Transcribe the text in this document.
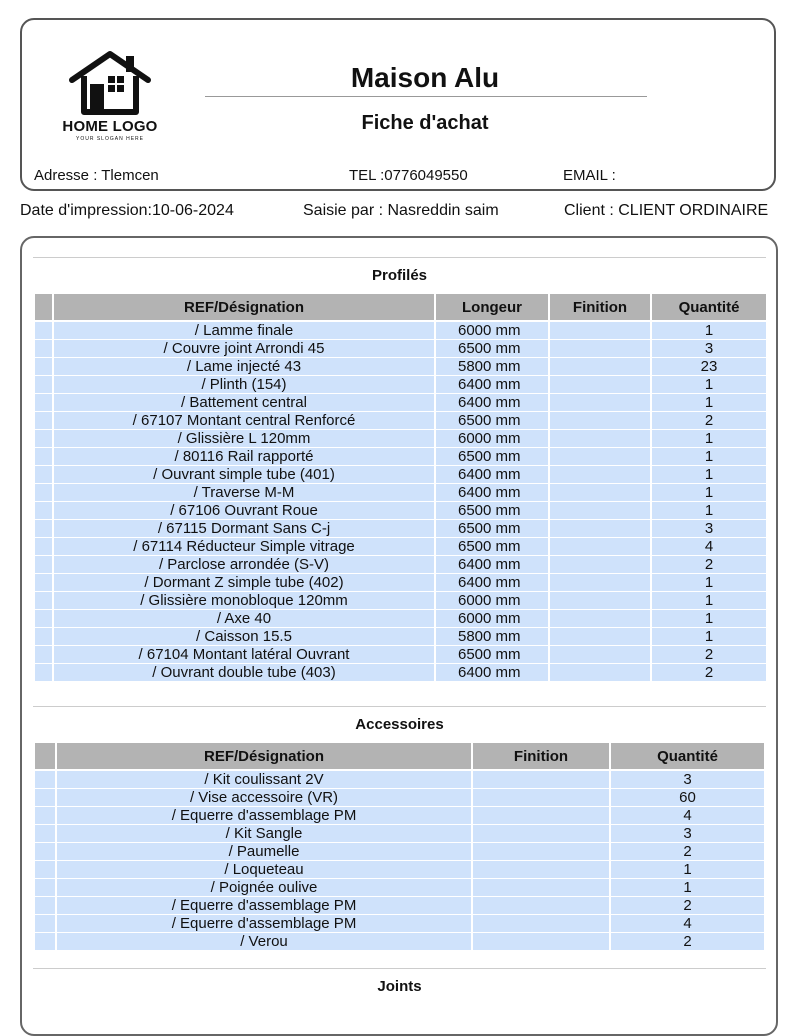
HOME LOGO
YOUR SLOGAN HERE
Maison Alu
Fiche d'achat
Adresse : Tlemcen	TEL :0776049550	EMAIL :
Date d'impression:10-06-2024	Saisie par : Nasreddin saim	Client : CLIENT ORDINAIRE
Profilés
	REF/Désignation	Longeur	Finition	Quantité
	/ Lamme finale	6000 mm		1
	/ Couvre joint Arrondi 45	6500 mm		3
	/ Lame injecté 43	5800 mm		23
	/ Plinth (154)	6400 mm		1
	/ Battement central	6400 mm		1
	/ 67107 Montant central Renforcé	6500 mm		2
	/ Glissière L 120mm	6000 mm		1
	/ 80116 Rail rapporté	6500 mm		1
	/ Ouvrant simple tube (401)	6400 mm		1
	/ Traverse M-M	6400 mm		1
	/ 67106 Ouvrant Roue	6500 mm		1
	/ 67115 Dormant Sans C-j	6500 mm		3
	/ 67114 Réducteur Simple vitrage	6500 mm		4
	/ Parclose arrondée (S-V)	6400 mm		2
	/ Dormant Z simple tube (402)	6400 mm		1
	/ Glissière monobloque 120mm	6000 mm		1
	/ Axe 40	6000 mm		1
	/ Caisson 15.5	5800 mm		1
	/ 67104 Montant latéral Ouvrant	6500 mm		2
	/ Ouvrant double tube (403)	6400 mm		2
Accessoires
	REF/Désignation	Finition	Quantité
	/ Kit coulissant 2V		3
	/ Vise accessoire (VR)		60
	/ Equerre d'assemblage PM		4
	/ Kit Sangle		3
	/ Paumelle		2
	/ Loqueteau		1
	/ Poignée oulive		1
	/ Equerre d'assemblage PM		2
	/ Equerre d'assemblage PM		4
	/ Verou		2
Joints
